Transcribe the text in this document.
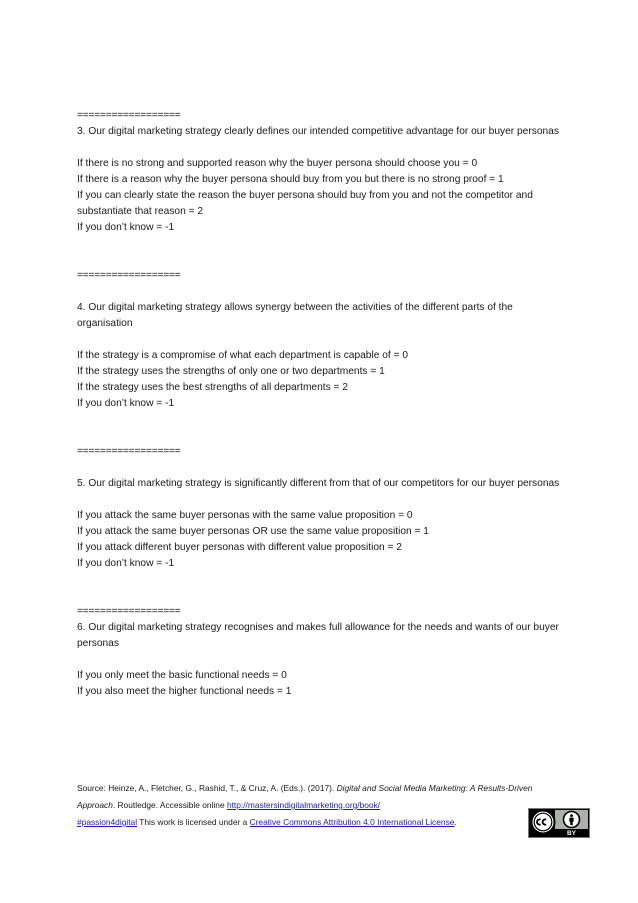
==================

3. Our digital marketing strategy clearly defines our intended competitive advantage for our buyer personas

If there is no strong and supported reason why the buyer persona should choose you = 0

If there is a reason why the buyer persona should buy from you but there is no strong proof = 1

If you can clearly state the reason the buyer persona should buy from you and not the competitor and substantiate that reason = 2

If you don’t know = -1

==================

4. Our digital marketing strategy allows synergy between the activities of the different parts of the organisation

If the strategy is a compromise of what each department is capable of = 0

If the strategy uses the strengths of only one or two departments = 1

If the strategy uses the best strengths of all departments = 2

If you don’t know = -1

==================

5. Our digital marketing strategy is significantly different from that of our competitors for our buyer personas

If you attack the same buyer personas with the same value proposition = 0

If you attack the same buyer personas OR use the same value proposition = 1

If you attack different buyer personas with different value proposition = 2

If you don’t know = -1

==================

6. Our digital marketing strategy recognises and makes full allowance for the needs and wants of our buyer personas

If you only meet the basic functional needs = 0

If you also meet the higher functional needs = 1

Source: Heinze, A., Fletcher, G., Rashid, T., & Cruz, A. (Eds.). (2017). Digital and Social Media Marketing: A Results-Driven Approach. Routledge. Accessible online http://mastersindigitalmarketing.org/book/
#passion4digital This work is licensed under a Creative Commons Attribution 4.0 International License.
BY
